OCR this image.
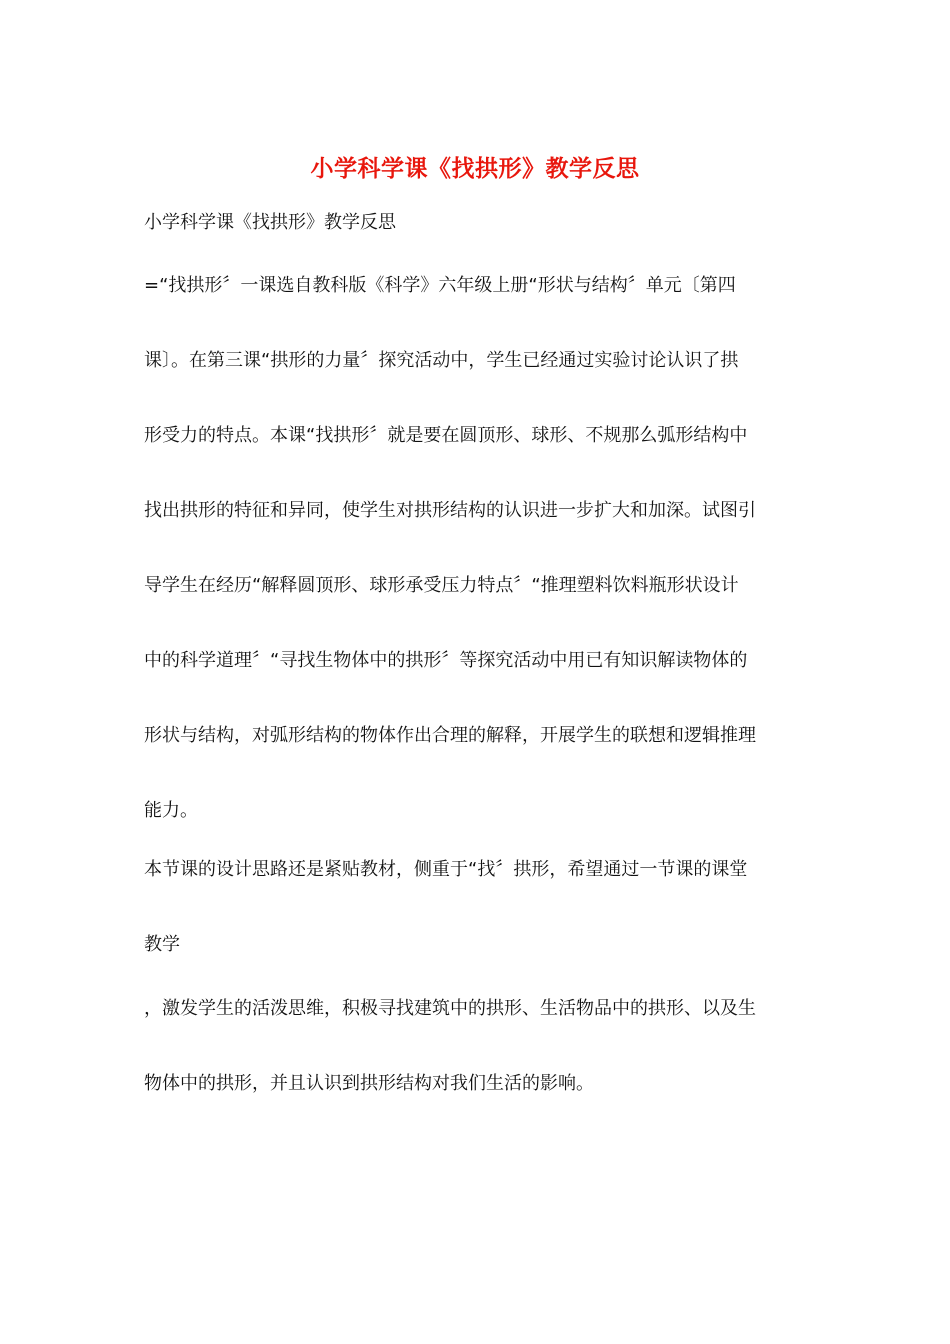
小学科学课《找拱形》教学反思

小学科学课《找拱形》教学反思

=“找拱形〞一课选自教科版《科学》六年级上册“形状与结构〞单元〔第四
课〕。在第三课“拱形的力量〞探究活动中，学生已经通过实验讨论认识了拱
形受力的特点。本课“找拱形〞就是要在圆顶形、球形、不规那么弧形结构中
找出拱形的特征和异同，使学生对拱形结构的认识进一步扩大和加深。试图引
导学生在经历“解释圆顶形、球形承受压力特点〞“推理塑料饮料瓶形状设计
中的科学道理〞“寻找生物体中的拱形〞等探究活动中用已有知识解读物体的
形状与结构，对弧形结构的物体作出合理的解释，开展学生的联想和逻辑推理
能力。
本节课的设计思路还是紧贴教材，侧重于“找〞拱形，希望通过一节课的课堂
教学
，激发学生的活泼思维，积极寻找建筑中的拱形、生活物品中的拱形、以及生
物体中的拱形，并且认识到拱形结构对我们生活的影响。
